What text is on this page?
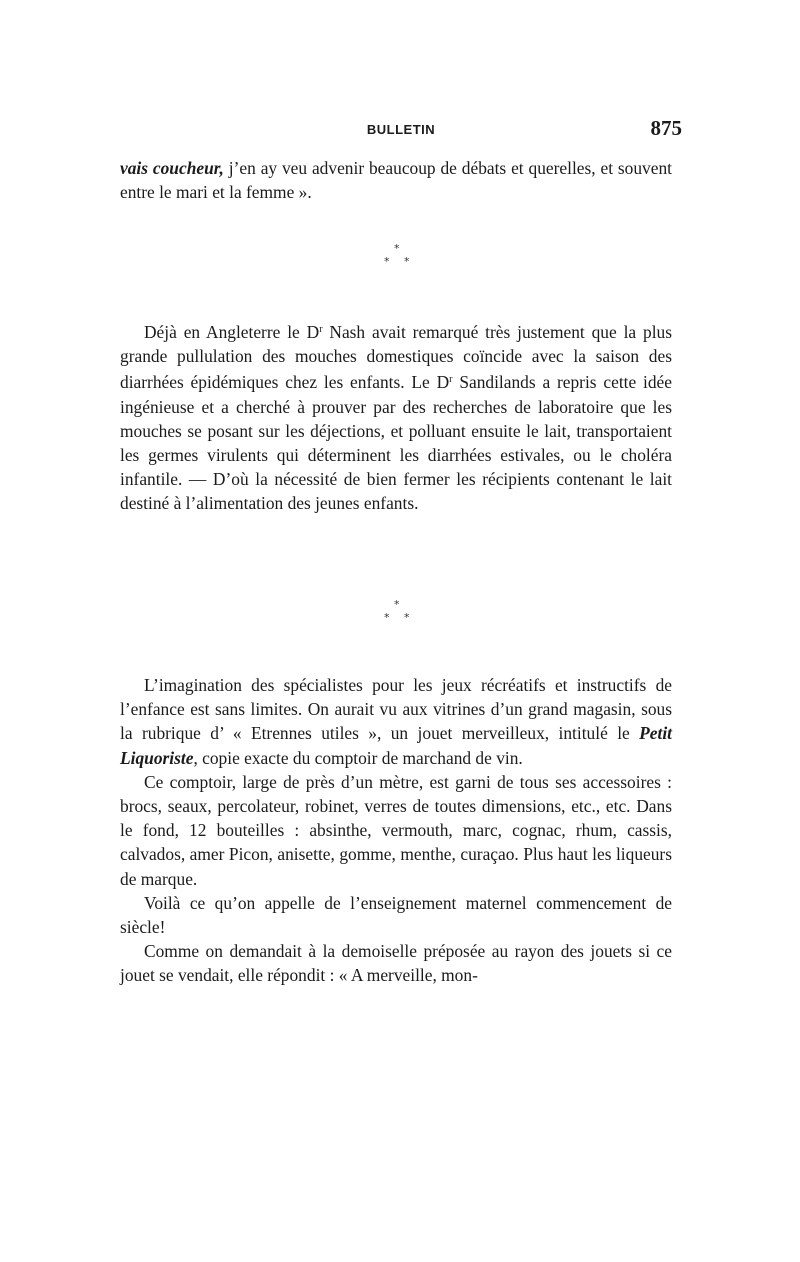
BULLETIN	875

vais coucheur, j’en ay veu advenir beaucoup de débats et querelles, et souvent entre le mari et la femme ».

*
* *

Déjà en Angleterre le $D^r$ Nash avait remarqué très justement que la plus grande pullulation des mouches domestiques coïncide avec la saison des diarrhées épidémiques chez les enfants. Le $D^r$ Sandilands a repris cette idée ingénieuse et a cherché à prouver par des recherches de laboratoire que les mouches se posant sur les déjections, et polluant ensuite le lait, transportaient les germes virulents qui déterminent les diarrhées estivales, ou le choléra infantile. — D’où la nécessité de bien fermer les récipients contenant le lait destiné à l’alimentation des jeunes enfants.

*
* *

L’imagination des spécialistes pour les jeux récréatifs et instructifs de l’enfance est sans limites. On aurait vu aux vitrines d’un grand magasin, sous la rubrique d’ « Etrennes utiles », un jouet merveilleux, intitulé le Petit Liquoriste, copie exacte du comptoir de marchand de vin.

Ce comptoir, large de près d’un mètre, est garni de tous ses accessoires : brocs, seaux, percolateur, robinet, verres de toutes dimensions, etc., etc. Dans le fond, 12 bouteilles : absinthe, vermouth, marc, cognac, rhum, cassis, calvados, amer Picon, anisette, gomme, menthe, curaçao. Plus haut les liqueurs de marque.

Voilà ce qu’on appelle de l’enseignement maternel commencement de siècle!

Comme on demandait à la demoiselle préposée au rayon des jouets si ce jouet se vendait, elle répondit : « A merveille, mon-
